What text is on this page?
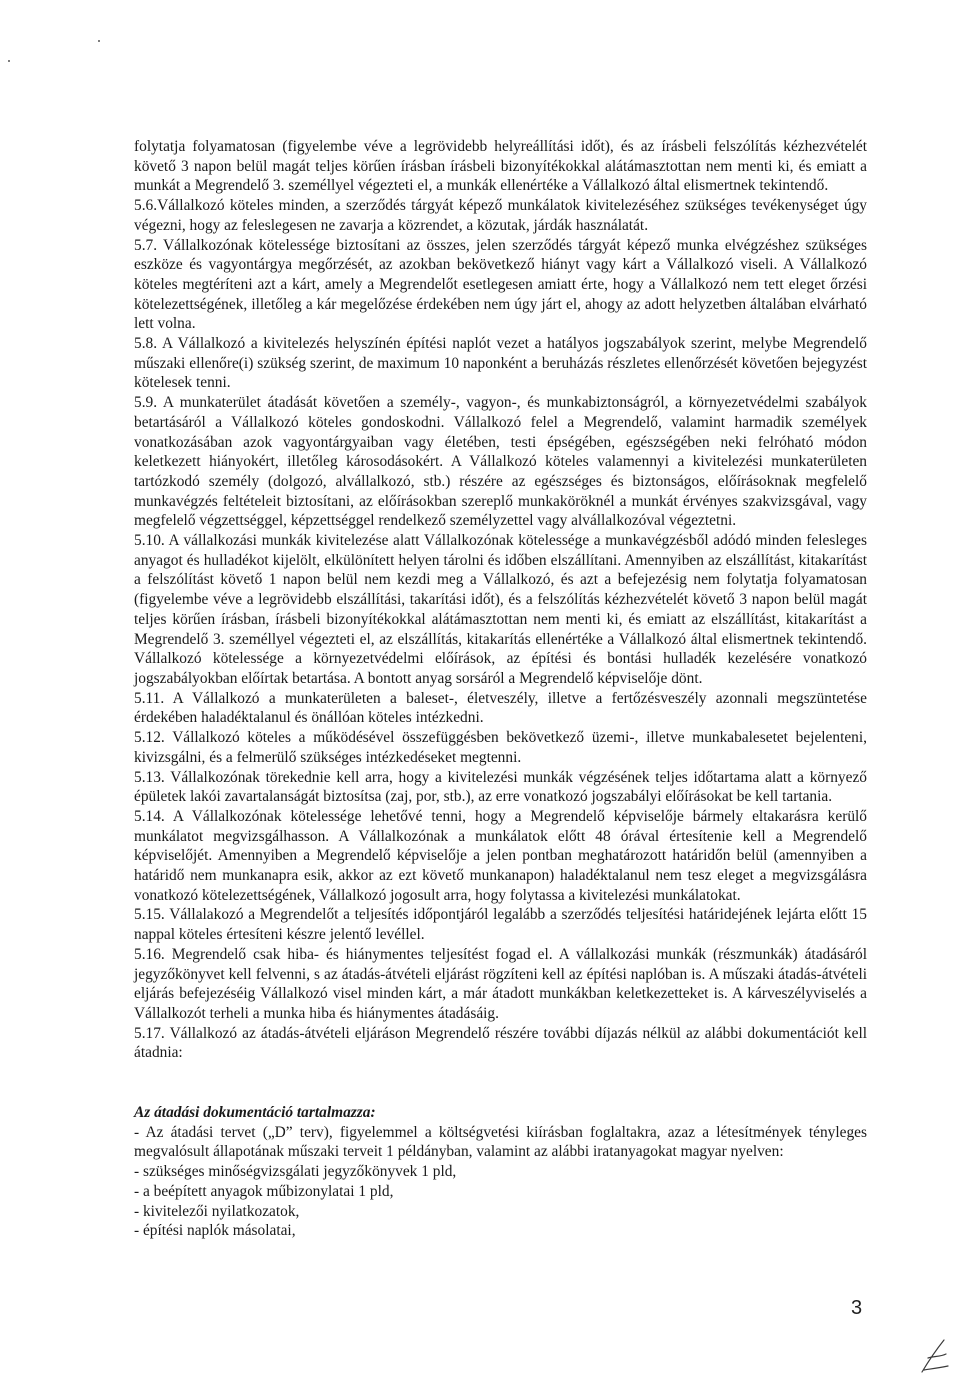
folytatja folyamatosan (figyelembe véve a legrövidebb helyreállítási időt), és az írásbeli felszólítás kézhezvételét követő 3 napon belül magát teljes körűen írásban írásbeli bizonyítékokkal alátámasztottan nem menti ki, és emiatt a munkát a Megrendelő 3. személlyel végezteti el, a munkák ellenértéke a Vállalkozó által elismertnek tekintendő.

5.6.Vállalkozó köteles minden, a szerződés tárgyát képező munkálatok kivitelezéséhez szükséges tevékenységet úgy végezni, hogy az feleslegesen ne zavarja a közrendet, a közutak, járdák használatát.

5.7. Vállalkozónak kötelessége biztosítani az összes, jelen szerződés tárgyát képező munka elvégzéshez szükséges eszköze és vagyontárgya megőrzését, az azokban bekövetkező hiányt vagy kárt a Vállalkozó viseli. A Vállalkozó köteles megtéríteni azt a kárt, amely a Megrendelőt esetlegesen amiatt érte, hogy a Vállalkozó nem tett eleget őrzési kötelezettségének, illetőleg a kár megelőzése érdekében nem úgy járt el, ahogy az adott helyzetben általában elvárható lett volna.

5.8. A Vállalkozó a kivitelezés helyszínén építési naplót vezet a hatályos jogszabályok szerint, melybe Megrendelő műszaki ellenőre(i) szükség szerint, de maximum 10 naponként a beruházás részletes ellenőrzését követően bejegyzést kötelesek tenni.

5.9. A munkaterület átadását követően a személy-, vagyon-, és munkabiztonságról, a környezetvédelmi szabályok betartásáról a Vállalkozó köteles gondoskodni. Vállalkozó felel a Megrendelő, valamint harmadik személyek vonatkozásában azok vagyontárgyaiban vagy életében, testi épségében, egészségében neki felróható módon keletkezett hiányokért, illetőleg károsodásokért. A Vállalkozó köteles valamennyi a kivitelezési munkaterületen tartózkodó személy (dolgozó, alvállalkozó, stb.) részére az egészséges és biztonságos, előírásoknak megfelelő munkavégzés feltételeit biztosítani, az előírásokban szereplő munkaköröknél a munkát érvényes szakvizsgával, vagy megfelelő végzettséggel, képzettséggel rendelkező személyzettel vagy alvállalkozóval végeztetni.

5.10. A vállalkozási munkák kivitelezése alatt Vállalkozónak kötelessége a munkavégzésből adódó minden felesleges anyagot és hulladékot kijelölt, elkülönített helyen tárolni és időben elszállítani. Amennyiben az elszállítást, kitakarítást a felszólítást követő 1 napon belül nem kezdi meg a Vállalkozó, és azt a befejezésig nem folytatja folyamatosan (figyelembe véve a legrövidebb elszállítási, takarítási időt), és a felszólítás kézhezvételét követő 3 napon belül magát teljes körűen írásban, írásbeli bizonyítékokkal alátámasztottan nem menti ki, és emiatt az elszállítást, kitakarítást a Megrendelő 3. személlyel végezteti el, az elszállítás, kitakarítás ellenértéke a Vállalkozó által elismertnek tekintendő. Vállalkozó kötelessége a környezetvédelmi előírások, az építési és bontási hulladék kezelésére vonatkozó jogszabályokban előírtak betartása. A bontott anyag sorsáról a Megrendelő képviselője dönt.

5.11. A Vállalkozó a munkaterületen a baleset-, életveszély, illetve a fertőzésveszély azonnali megszüntetése érdekében haladéktalanul és önállóan köteles intézkedni.

5.12. Vállalkozó köteles a működésével összefüggésben bekövetkező üzemi-, illetve munkabalesetet bejelenteni, kivizsgálni, és a felmerülő szükséges intézkedéseket megtenni.

5.13. Vállalkozónak törekednie kell arra, hogy a kivitelezési munkák végzésének teljes időtartama alatt a környező épületek lakói zavartalanságát biztosítsa (zaj, por, stb.), az erre vonatkozó jogszabályi előírásokat be kell tartania.

5.14. A Vállalkozónak kötelessége lehetővé tenni, hogy a Megrendelő képviselője bármely eltakarásra kerülő munkálatot megvizsgálhasson. A Vállalkozónak a munkálatok előtt 48 órával értesítenie kell a Megrendelő képviselőjét. Amennyiben a Megrendelő képviselője a jelen pontban meghatározott határidőn belül (amennyiben a határidő nem munkanapra esik, akkor az ezt követő munkanapon) haladéktalanul nem tesz eleget a megvizsgálásra vonatkozó kötelezettségének, Vállalkozó jogosult arra, hogy folytassa a kivitelezési munkálatokat.

5.15. Vállalakozó a Megrendelőt a teljesítés időpontjáról legalább a szerződés teljesítési határidejének lejárta előtt 15 nappal köteles értesíteni készre jelentő levéllel.

5.16. Megrendelő csak hiba- és hiánymentes teljesítést fogad el. A vállalkozási munkák (részmunkák) átadásáról jegyzőkönyvet kell felvenni, s az átadás-átvételi eljárást rögzíteni kell az építési naplóban is. A műszaki átadás-átvételi eljárás befejezéséig Vállalkozó visel minden kárt, a már átadott munkákban keletkezetteket is. A kárveszélyviselés a Vállalkozót terheli a munka hiba és hiánymentes átadásáig.

5.17. Vállalkozó az átadás-átvételi eljáráson Megrendelő részére további díjazás nélkül az alábbi dokumentációt kell átadnia:

Az átadási dokumentáció tartalmazza:

- Az átadási tervet („D” terv), figyelemmel a költségvetési kiírásban foglaltakra, azaz a létesítmények tényleges megvalósult állapotának műszaki terveit 1 példányban, valamint az alábbi iratanyagokat magyar nyelven:

- szükséges minőségvizsgálati jegyzőkönyvek 1 pld,

- a beépített anyagok műbizonylatai 1 pld,

- kivitelezői nyilatkozatok,

- építési naplók másolatai,

3
